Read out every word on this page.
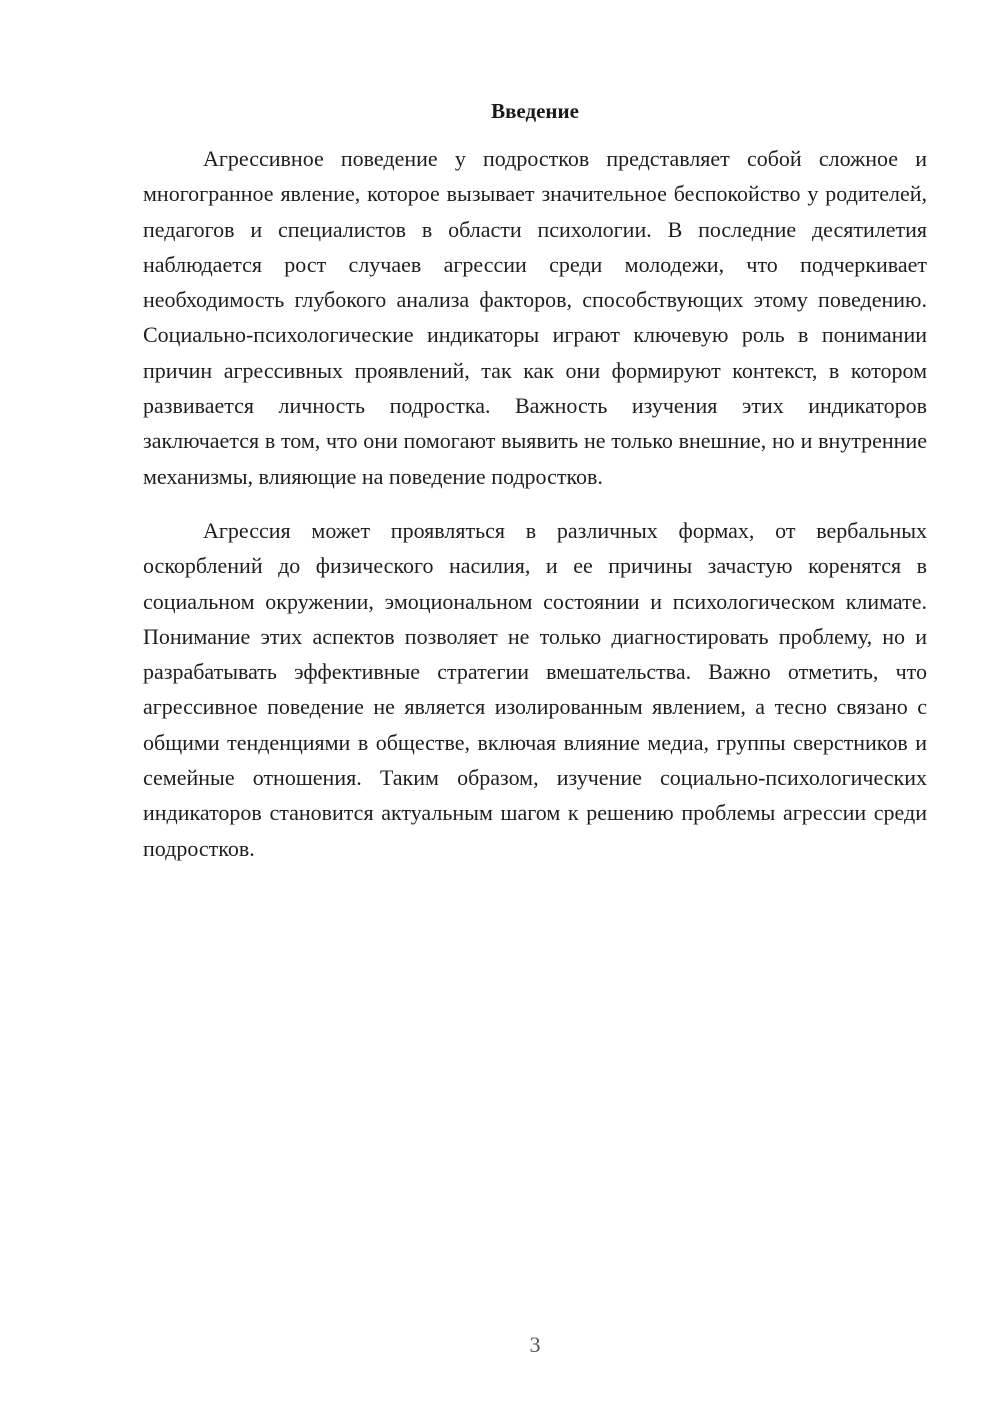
Введение

Агрессивное поведение у подростков представляет собой сложное и многогранное явление, которое вызывает значительное беспокойство у родителей, педагогов и специалистов в области психологии. В последние десятилетия наблюдается рост случаев агрессии среди молодежи, что подчеркивает необходимость глубокого анализа факторов, способствующих этому поведению. Социально-психологические индикаторы играют ключевую роль в понимании причин агрессивных проявлений, так как они формируют контекст, в котором развивается личность подростка. Важность изучения этих индикаторов заключается в том, что они помогают выявить не только внешние, но и внутренние механизмы, влияющие на поведение подростков.

Агрессия может проявляться в различных формах, от вербальных оскорблений до физического насилия, и ее причины зачастую коренятся в социальном окружении, эмоциональном состоянии и психологическом климате. Понимание этих аспектов позволяет не только диагностировать проблему, но и разрабатывать эффективные стратегии вмешательства. Важно отметить, что агрессивное поведение не является изолированным явлением, а тесно связано с общими тенденциями в обществе, включая влияние медиа, группы сверстников и семейные отношения. Таким образом, изучение социально-психологических индикаторов становится актуальным шагом к решению проблемы агрессии среди подростков.

3
